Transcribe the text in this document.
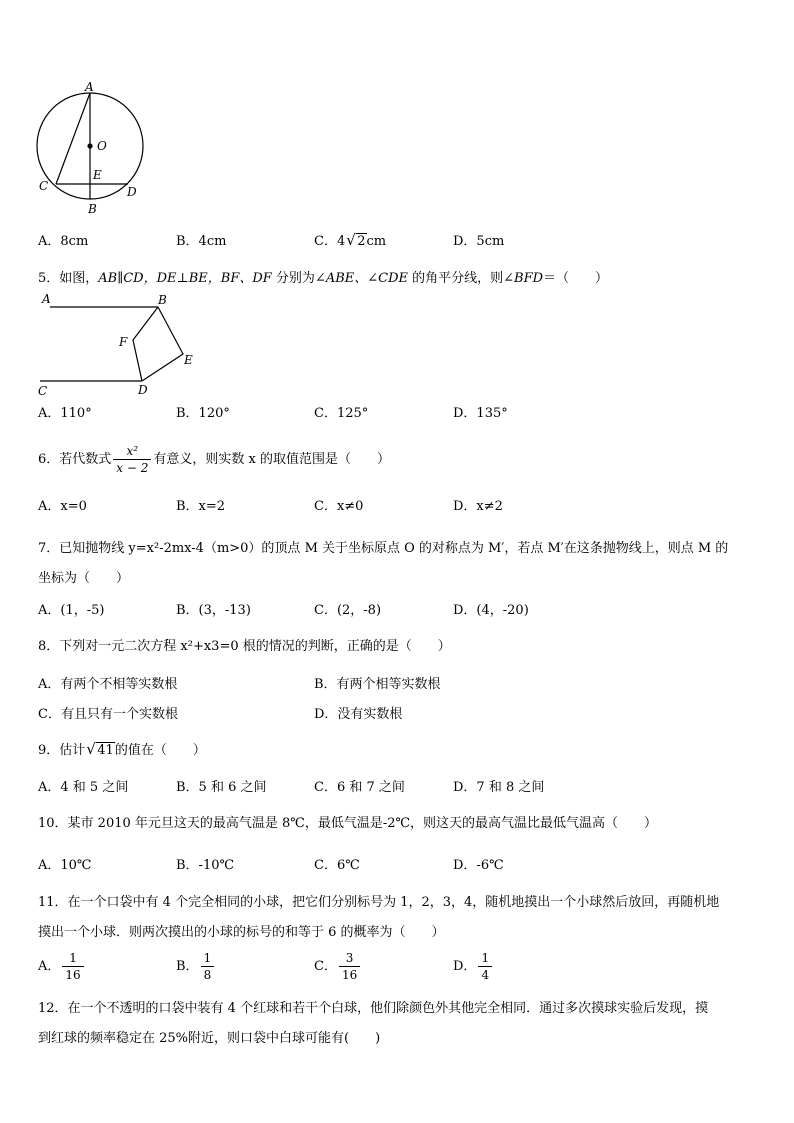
A
O
C
E
D
B
A．8cm	B．4cm	C．4 √ 2cm	D．5cm
5．如图，AB∥CD，DE⊥BE，BF、DF 分别为∠ABE、∠CDE 的角平分线，则∠BFD＝（　　）
A	B
F
E
C	D
A．110°	B．120°	C．125°	D．135°
6．若代数式 $\frac{\text{x²}}{x - 2}$ 有意义，则实数 x 的取值范围是（　　）
A．x=0	B．x=2	C．x≠0	D．x≠2
7．已知抛物线 y=x²-2mx-4（m>0）的顶点 M 关于坐标原点 O 的对称点为 M′，若点 M′在这条抛物线上，则点 M 的
坐标为（　　）
A．(1，-5)	B．(3，-13)	C．(2，-8)	D．(4，-20)
8．下列对一元二次方程 x²+x3=0 根的情况的判断，正确的是（　　）
A．有两个不相等实数根	B．有两个相等实数根
C．有且只有一个实数根	D．没有实数根
9．估计 √ 41的值在（　　）
A．4 和 5 之间	B．5 和 6 之间	C．6 和 7 之间	D．7 和 8 之间
10．某市 2010 年元旦这天的最高气温是 8℃，最低气温是-2℃，则这天的最高气温比最低气温高（　　）
A．10℃	B．-10℃	C．6℃	D．-6℃
11．在一个口袋中有 4 个完全相同的小球，把它们分别标号为 1，2，3，4，随机地摸出一个小球然后放回，再随机地
摸出一个小球．则两次摸出的小球的标号的和等于 6 的概率为（　　）
A． $\frac{1}{16}$	B． $\frac{1}{8}$	C． $\frac{3}{16}$	D． $\frac{1}{4}$
12．在一个不透明的口袋中装有 4 个红球和若干个白球，他们除颜色外其他完全相同．通过多次摸球实验后发现，摸
到红球的频率稳定在 25%附近，则口袋中白球可能有(　　)
